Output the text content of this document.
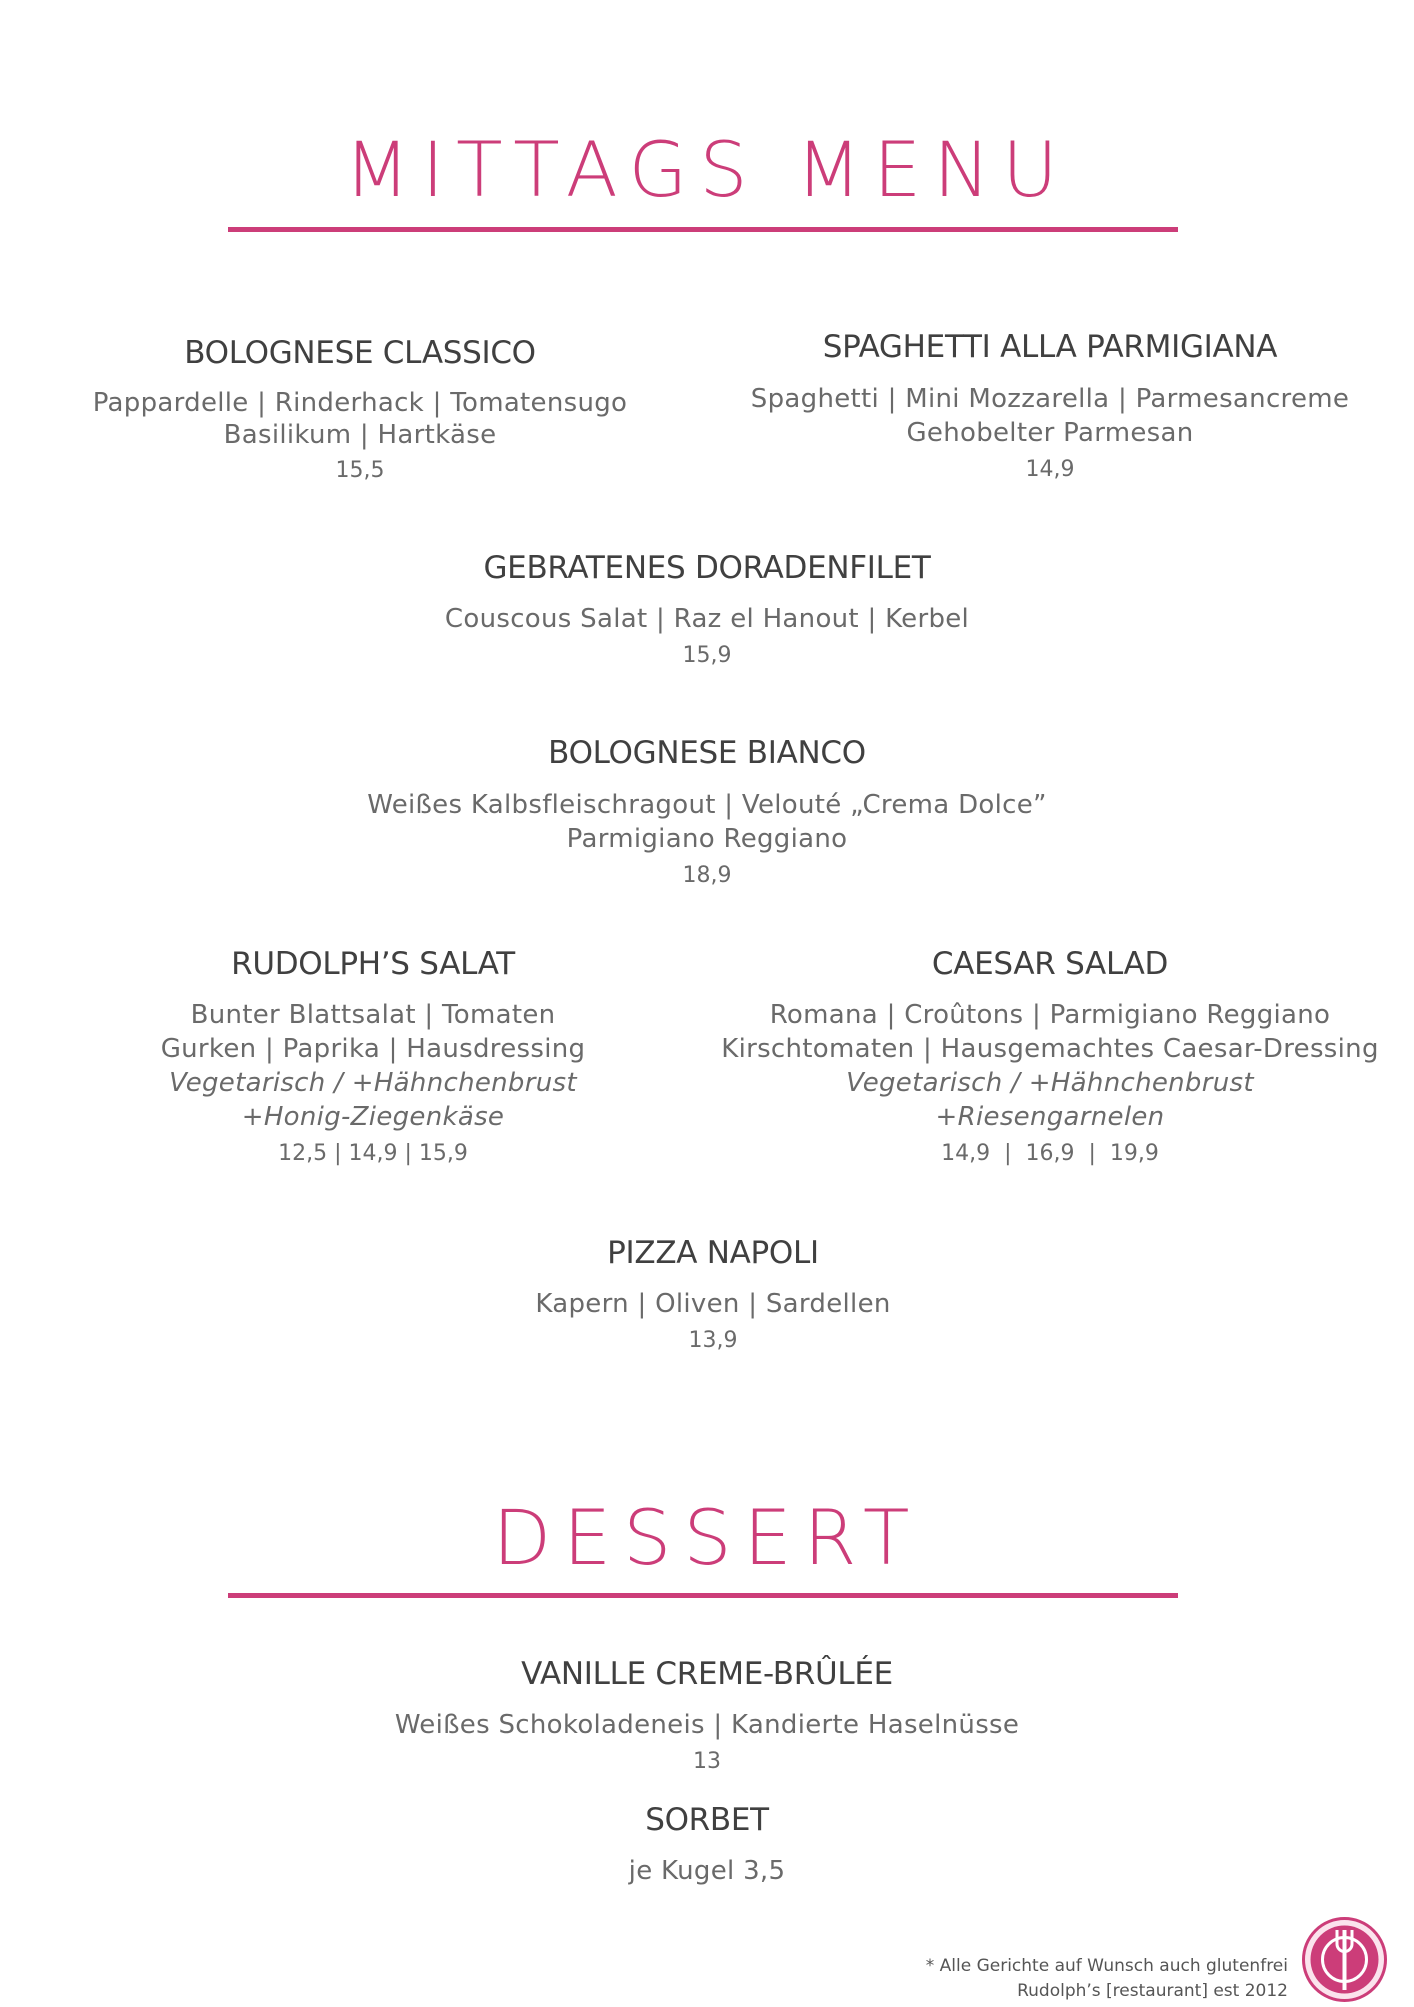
MITTAGS MENU
BOLOGNESE CLASSICO
Pappardelle | Rinderhack | Tomatensugo
Basilikum | Hartkäse
15,5
SPAGHETTI ALLA PARMIGIANA
Spaghetti | Mini Mozzarella | Parmesancreme
Gehobelter Parmesan
14,9
GEBRATENES DORADENFILET
Couscous Salat | Raz el Hanout | Kerbel
15,9
BOLOGNESE BIANCO
Weißes Kalbsfleischragout | Velouté „Crema Dolce”
Parmigiano Reggiano
18,9
RUDOLPH’S SALAT
Bunter Blattsalat | Tomaten
Gurken | Paprika | Hausdressing
Vegetarisch / +Hähnchenbrust
+Honig-Ziegenkäse
12,5 | 14,9 | 15,9
CAESAR SALAD
Romana | Croûtons | Parmigiano Reggiano
Kirschtomaten | Hausgemachtes Caesar-Dressing
Vegetarisch / +Hähnchenbrust
+Riesengarnelen
14,9  |  16,9  |  19,9
PIZZA NAPOLI
Kapern | Oliven | Sardellen
13,9
DESSERT
VANILLE CREME-BRÛLÉE
Weißes Schokoladeneis | Kandierte Haselnüsse
13
SORBET
je Kugel 3,5
* Alle Gerichte auf Wunsch auch glutenfrei
Rudolph’s [restaurant] est 2012
